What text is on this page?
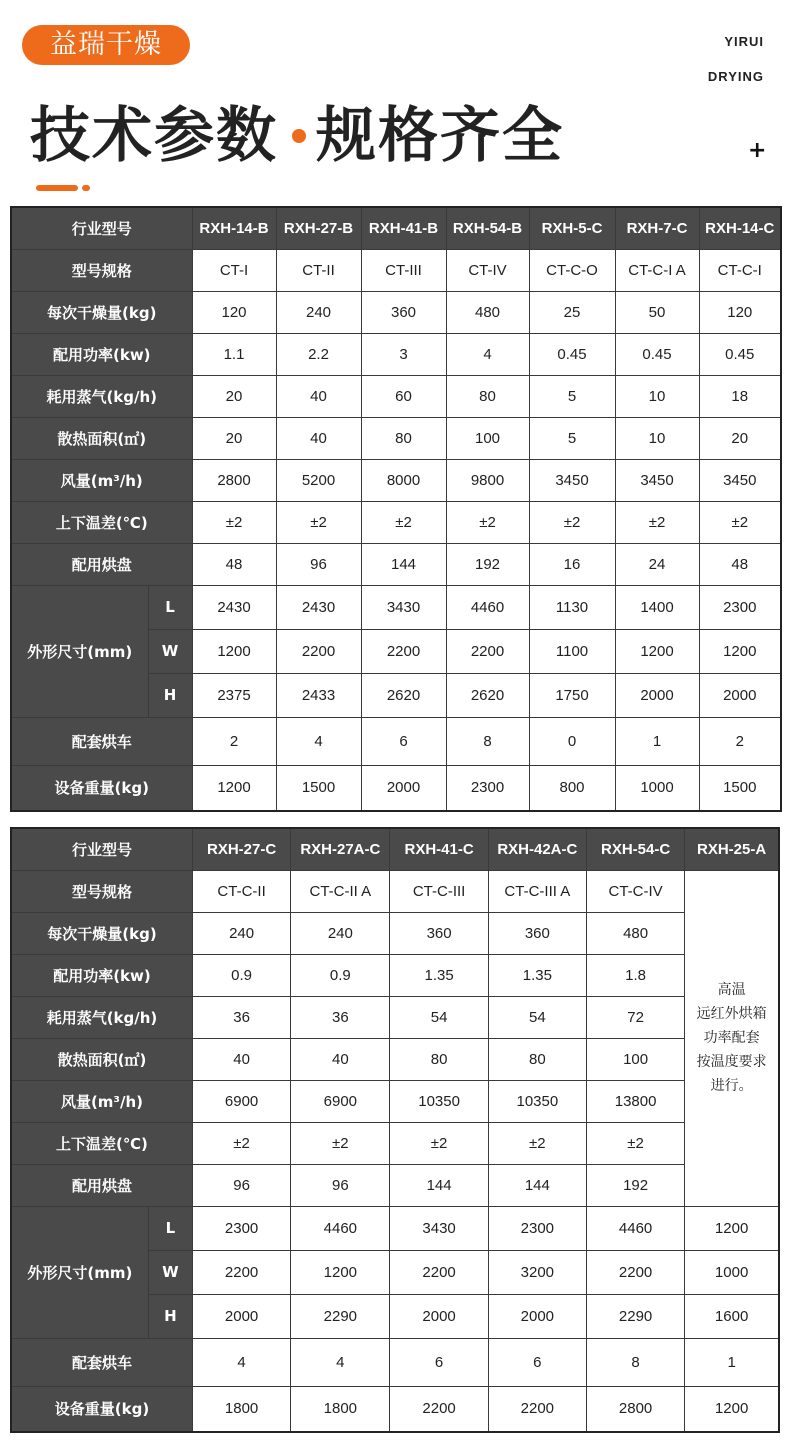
益瑞干燥	YIRUI
DRYING
+
技术参数 规格齐全
行业型号		RXH-14-B	RXH-27-B	RXH-41-B	RXH-54-B	RXH-5-C	RXH-7-C	RXH-14-C
型号规格		CT-I	CT-II	CT-III	CT-IV	CT-C-O	CT-C-I A	CT-C-I
每次干燥量(kg)		120	240	360	480	25	50	120
配用功率(kw)		1.1	2.2	3	4	0.45	0.45	0.45
耗用蒸气(kg/h)		20	40	60	80	5	10	18
散热面积(㎡)		20	40	80	100	5	10	20
风量(m³/h)		2800	5200	8000	9800	3450	3450	3450
上下温差(℃)		±2	±2	±2	±2	±2	±2	±2
配用烘盘		48	96	144	192	16	24	48
外形尺寸(mm)	L	2430	2430	3430	4460	1130	1400	2300
	W	1200	2200	2200	2200	1100	1200	1200
	H	2375	2433	2620	2620	1750	2000	2000
配套烘车		2	4	6	8	0	1	2
设备重量(kg)		1200	1500	2000	2300	800	1000	1500
行业型号		RXH-27-C	RXH-27A-C	RXH-41-C	RXH-42A-C	RXH-54-C	RXH-25-A
型号规格		CT-C-II	CT-C-II A	CT-C-III	CT-C-III A	CT-C-IV	高温
远红外烘箱
功率配套
按温度要求
进行。

每次干燥量(kg)		240	240	360	360	480	
配用功率(kw)		0.9	0.9	1.35	1.35	1.8	
耗用蒸气(kg/h)		36	36	54	54	72	
散热面积(㎡)		40	40	80	80	100	
风量(m³/h)		6900	6900	10350	10350	13800	
上下温差(℃)		±2	±2	±2	±2	±2	
配用烘盘		96	96	144	144	192	
外形尺寸(mm)	L	2300	4460	3430	2300	4460	1200
	W	2200	1200	2200	3200	2200	1000
	H	2000	2290	2000	2000	2290	1600
配套烘车		4	4	6	6	8	1
设备重量(kg)		1800	1800	2200	2200	2800	1200
